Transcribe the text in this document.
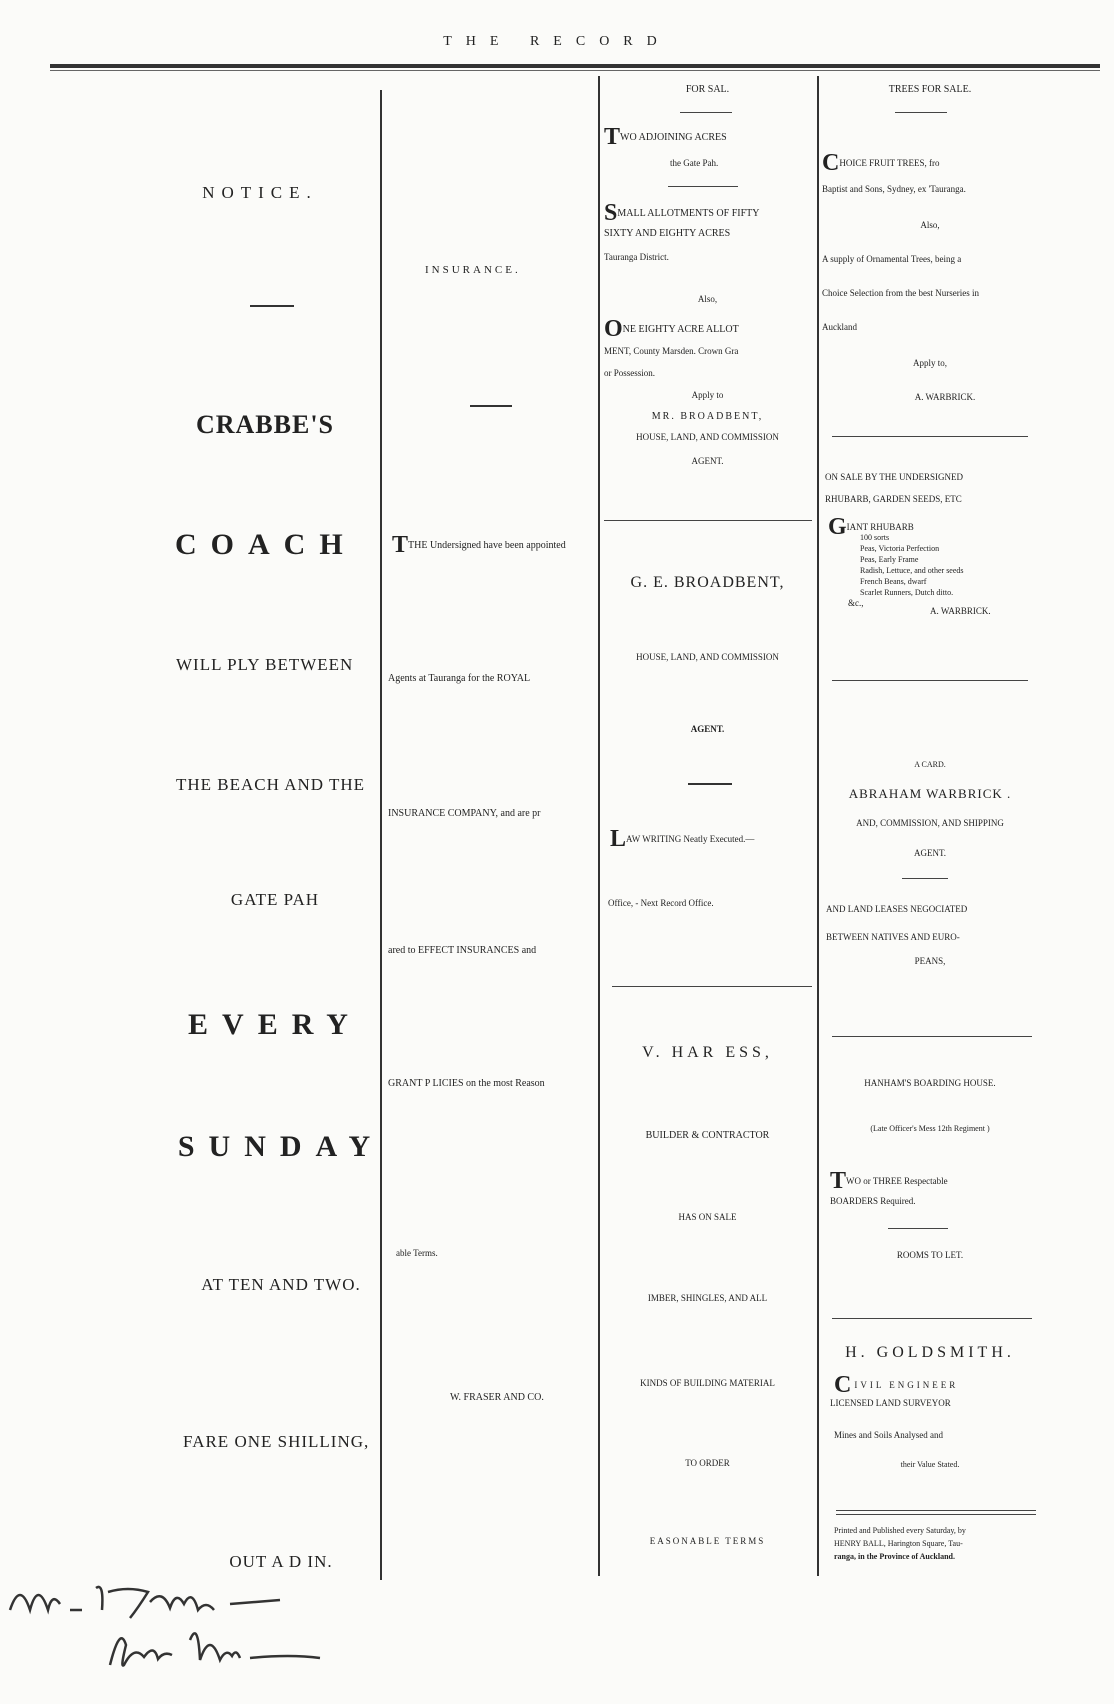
THE RECORD
NOTICE.
CRABBE'S
COACH
WILL PLY BETWEEN
THE BEACH AND THE
GATE PAH
EVERY
SUNDAY
AT TEN AND TWO.
FARE ONE SHILLING,
OUT A D IN.
INSURANCE.
TTHE Undersigned have been appointed
Agents at Tauranga for the ROYAL
INSURANCE COMPANY, and are pr
ared to EFFECT INSURANCES and
GRANT P LICIES on the most Reason
able Terms.
W. FRASER AND CO.
FOR SAL.
TWO ADJOINING ACRES
the Gate Pah.
SMALL ALLOTMENTS OF FIFTY
SIXTY AND EIGHTY ACRES
Tauranga District.
Also,
ONE EIGHTY ACRE ALLOT
MENT, County Marsden. Crown Gra
or Possession.
Apply to
MR. BROADBENT,
HOUSE, LAND, AND COMMISSION
AGENT.
G. E. BROADBENT,
HOUSE, LAND, AND COMMISSION
AGENT.
LAW WRITING Neatly Executed.—
Office, - Next Record Office.
V. HAR ESS,
BUILDER & CONTRACTOR
HAS ON SALE
IMBER, SHINGLES, AND ALL
KINDS OF BUILDING MATERIAL
TO ORDER
EASONABLE TERMS
TREES FOR SALE.
CHOICE FRUIT TREES, fro
Baptist and Sons, Sydney, ex 'Tauranga.
Also,
A supply of Ornamental Trees, being a
Choice Selection from the best Nurseries in
Auckland
Apply to,
A. WARBRICK.
ON SALE BY THE UNDERSIGNED
RHUBARB, GARDEN SEEDS, ETC
GIANT RHUBARB
100 sorts
Peas, Victoria Perfection
Peas, Early Frame
Radish, Lettuce, and other seeds
French Beans, dwarf
Scarlet Runners, Dutch ditto.
&c.,
A. WARBRICK.
A CARD.
ABRAHAM WARBRICK .
AND, COMMISSION, AND SHIPPING
AGENT.
AND LAND LEASES NEGOCIATED
BETWEEN NATIVES AND EURO-
PEANS,
HANHAM'S BOARDING HOUSE.
(Late Officer's Mess 12th Regiment )
TWO or THREE Respectable
BOARDERS Required.
ROOMS TO LET.
H. GOLDSMITH.
CIVIL ENGINEER
LICENSED LAND SURVEYOR
Mines and Soils Analysed and
their Value Stated.
Printed and Published every Saturday, by
HENRY BALL, Harington Square, Tau-
ranga, in the Province of Auckland.
